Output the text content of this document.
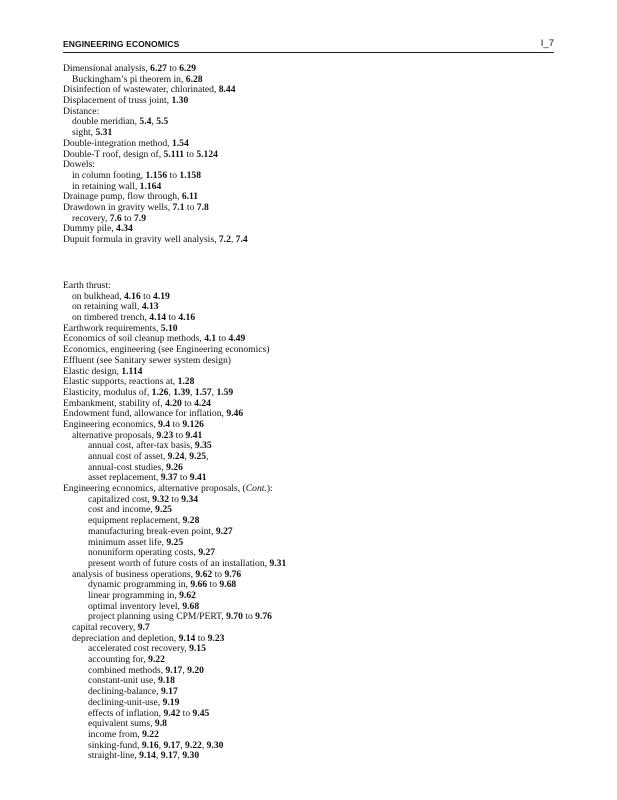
ENGINEERING ECONOMICS	I_7
Dimensional analysis, 6.27 to 6.29
Buckingham’s pi theorem in, 6.28
Disinfection of wastewater, chlorinated, 8.44
Displacement of truss joint, 1.30
Distance:
double meridian, 5.4, 5.5
sight, 5.31
Double-integration method, 1.54
Double-T roof, design of, 5.111 to 5.124
Dowels:
in column footing, 1.156 to 1.158
in retaining wall, 1.164
Drainage pump, flow through, 6.11
Drawdown in gravity wells, 7.1 to 7.8
recovery, 7.6 to 7.9
Dummy pile, 4.34
Dupuit formula in gravity well analysis, 7.2, 7.4
Earth thrust:
on bulkhead, 4.16 to 4.19
on retaining wall, 4.13
on timbered trench, 4.14 to 4.16
Earthwork requirements, 5.10
Economics of soil cleanup methods, 4.1 to 4.49
Economics, engineering (see Engineering economics)
Effluent (see Sanitary sewer system design)
Elastic design, 1.114
Elastic supports, reactions at, 1.28
Elasticity, modulus of, 1.26, 1.39, 1.57, 1.59
Embankment, stability of, 4.20 to 4.24
Endowment fund, allowance for inflation, 9.46
Engineering economics, 9.4 to 9.126
alternative proposals, 9.23 to 9.41
annual cost, after-tax basis, 9.35
annual cost of asset, 9.24, 9.25,
annual-cost studies, 9.26
asset replacement, 9.37 to 9.41
Engineering economics, alternative proposals, (Cont.):
capitalized cost, 9.32 to 9.34
cost and income, 9.25
equipment replacement, 9.28
manufacturing break-even point, 9.27
minimum asset life, 9.25
nonuniform operating costs, 9.27
present worth of future costs of an installation, 9.31
analysis of business operations, 9.62 to 9.76
dynamic programming in, 9.66 to 9.68
linear programming in, 9.62
optimal inventory level, 9.68
project planning using CPM/PERT, 9.70 to 9.76
capital recovery, 9.7
depreciation and depletion, 9.14 to 9.23
accelerated cost recovery, 9.15
accounting for, 9.22
combined methods, 9.17, 9.20
constant-unit use, 9.18
declining-balance, 9.17
declining-unit-use, 9.19
effects of inflation, 9.42 to 9.45
equivalent sums, 9.8
income from, 9.22
sinking-fund, 9.16, 9.17, 9.22, 9.30
straight-line, 9.14, 9.17, 9.30
